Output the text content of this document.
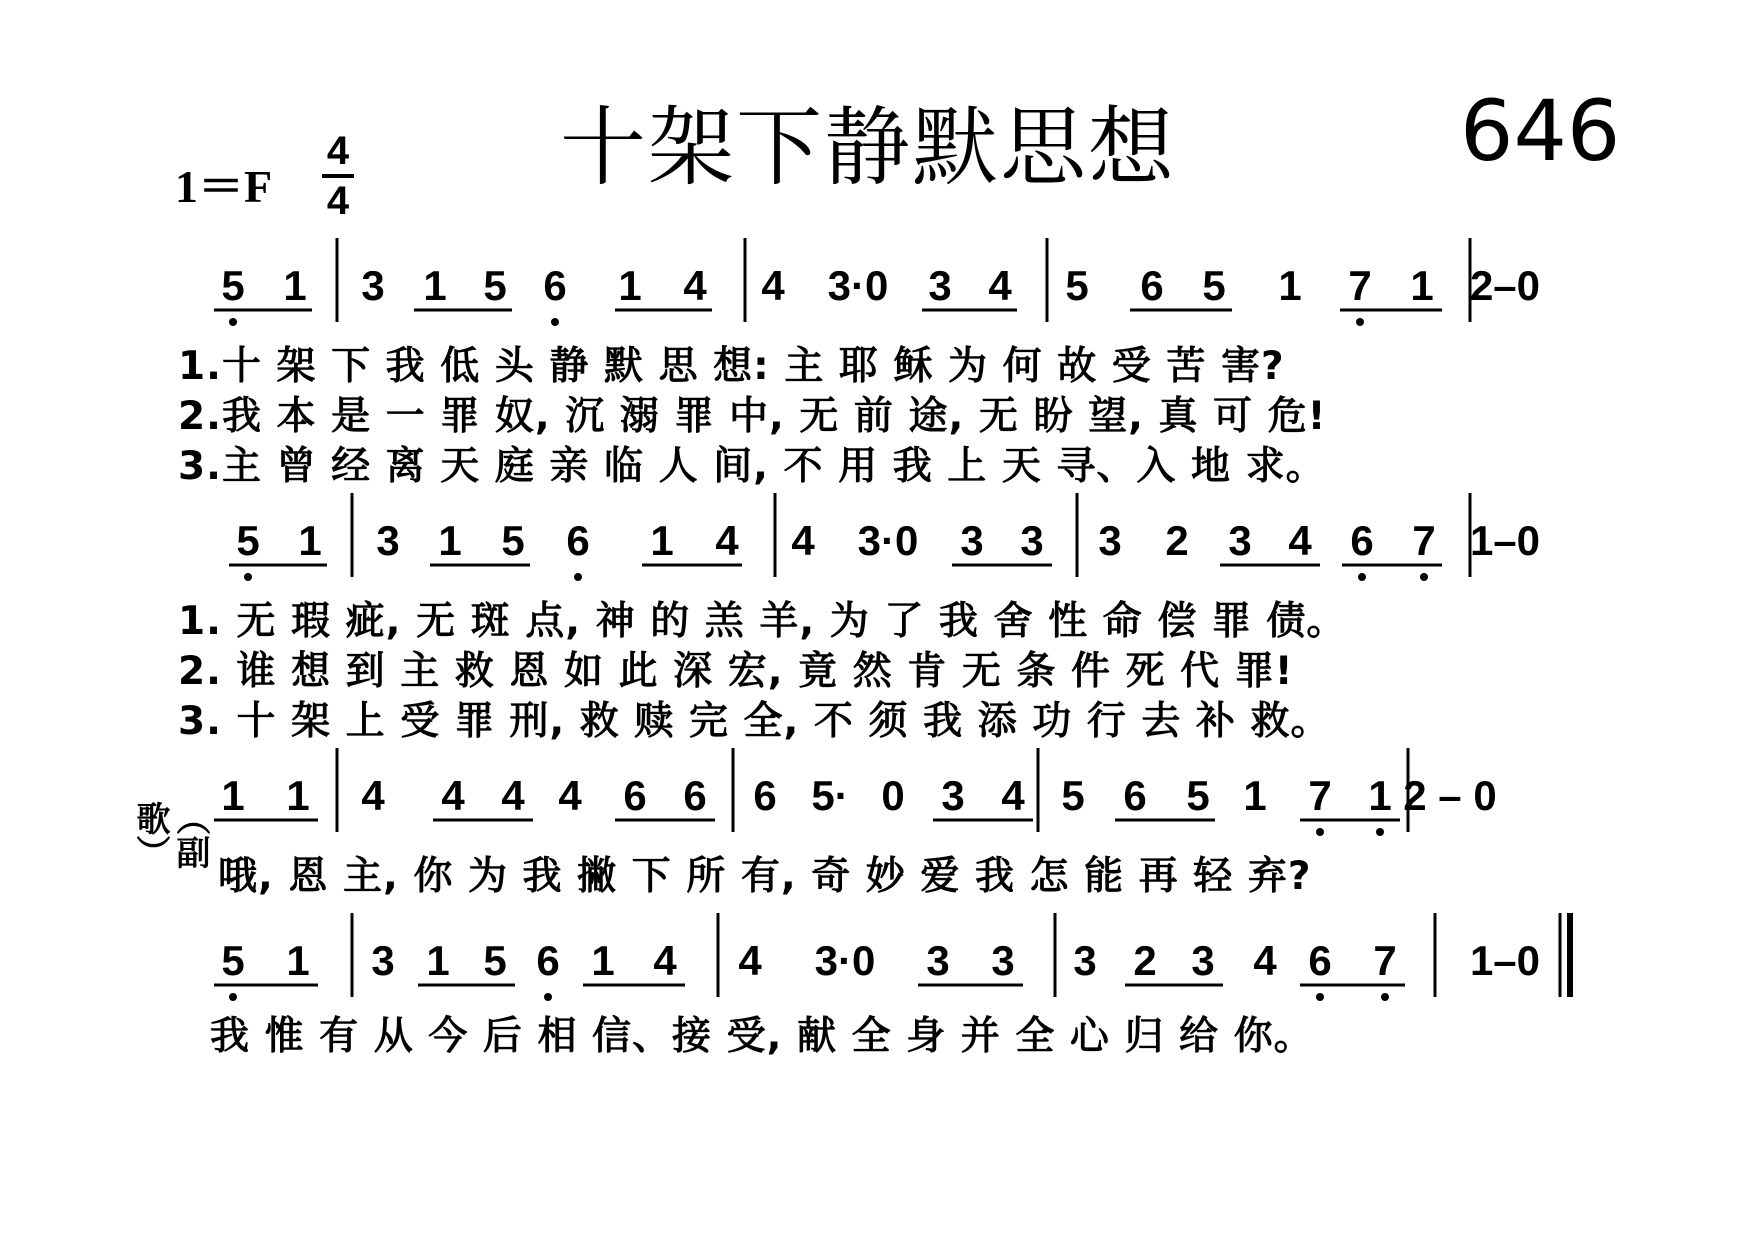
十架下静默思想	646
1＝F
4
4
5 1 3 1 5 6 1 4 4 3·0 3 4 5 6 5 1 7 1 2–0
5 1 3 1 5 6 1 4 4 3·0 3 3 3 2 3 4 6 7 1–0
1 1 4 4 4 4 6 6 6 5· 0 3 4 5 6 5 1 7 1 2 – 0
5 1 3 1 5 6 1 4 4 3·0 3 3 3 2 3 4 6 7 1–0
1.十 架 下 我 低 头 静 默 思 想: 主 耶 稣 为 何 故 受 苦 害?
2.我 本 是 一 罪 奴, 沉 溺 罪 中, 无 前 途, 无 盼 望, 真 可 危!
3.主 曾 经 离 天 庭 亲 临 人 间, 不 用 我 上 天 寻、入 地 求。
1. 无 瑕 疵, 无 斑 点, 神 的 羔 羊, 为 了 我 舍 性 命 偿 罪 债。
2. 谁 想 到 主 救 恩 如 此 深 宏, 竟 然 肯 无 条 件 死 代 罪!
3. 十 架 上 受 罪 刑, 救 赎 完 全, 不 须 我 添 功 行 去 补 救。
（副歌）
哦, 恩 主, 你 为 我 撇 下 所 有, 奇 妙 爱 我 怎 能 再 轻 弃?
我 惟 有 从 今 后 相 信、接 受, 献 全 身 并 全 心 归 给 你。
